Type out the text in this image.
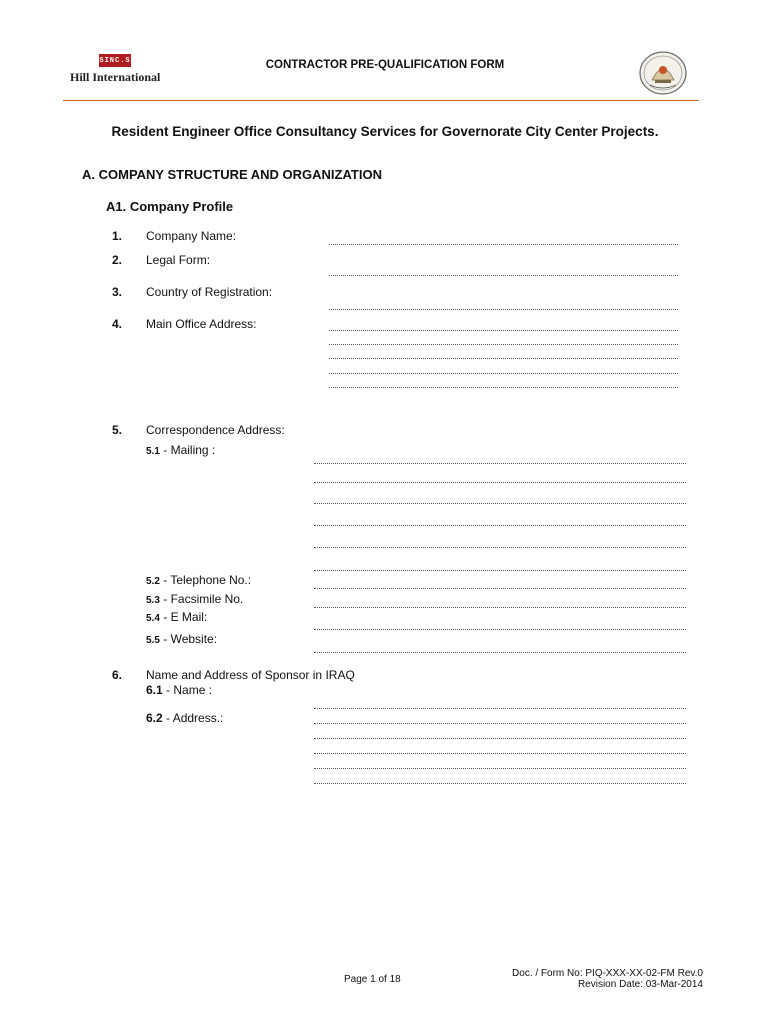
SINC.S
Hill International
CONTRACTOR PRE-QUALIFICATION FORM
Resident Engineer Office Consultancy Services for Governorate City Center Projects.
A. COMPANY STRUCTURE AND ORGANIZATION
A1. Company Profile
1. Company Name:
2. Legal Form:
3. Country of Registration:
4. Main Office Address:
5. Correspondence Address:
6. Name and Address of Sponsor in IRAQ
5.1 - Mailing :
5.2 - Telephone No.:
5.3 - Facsimile No.
5.4 - E Mail:
5.5 - Website:
6.1 - Name :
6.2 - Address.:
Page 1 of 18
Doc. / Form No: PIQ-XXX-XX-02-FM Rev.0
Revision Date: 03-Mar-2014
